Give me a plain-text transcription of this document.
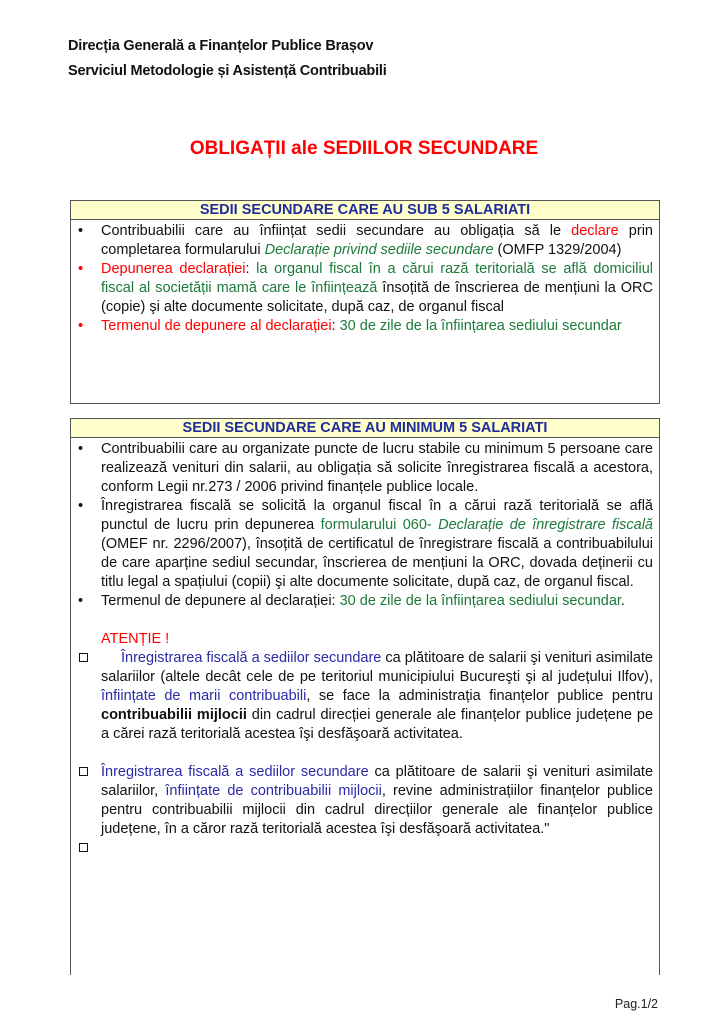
Direcția Generală a Finanțelor Publice Brașov
Serviciul Metodologie și Asistență Contribuabili
OBLIGAȚII ale SEDIILOR SECUNDARE
SEDII SECUNDARE CARE AU SUB 5 SALARIATI
• Contribuabilii care au înființat sedii secundare au obligația să le declare prin completarea formularului Declarație privind sediile secundare (OMFP 1329/2004)
• Depunerea declarației: la organul fiscal în a cărui rază teritorială se află domiciliul fiscal al societății mamă care le înființează însoțită de înscrierea de mențiuni la ORC (copie) şi alte documente solicitate, după caz, de organul fiscal
• Termenul de depunere al declarației: 30 de zile de la înființarea sediului secundar
SEDII SECUNDARE CARE AU MINIMUM 5 SALARIATI
• Contribuabilii care au organizate puncte de lucru stabile cu minimum 5 persoane care realizează venituri din salarii, au obligația să solicite înregistrarea fiscală a acestora, conform Legii nr.273 / 2006 privind finanțele publice locale.
• Înregistrarea fiscală se solicită la organul fiscal în a cărui rază teritorială se află punctul de lucru prin depunerea formularului 060- Declarație de înregistrare fiscală (OMEF nr. 2296/2007), însoțită de certificatul de înregistrare fiscală a contribuabilului de care aparține sediul secundar, înscrierea de mențiuni la ORC, dovada deținerii cu titlu legal a spațiului (copii) şi alte documente solicitate, după caz, de organul fiscal.
• Termenul de depunere al declarației: 30 de zile de la înființarea sediului secundar.
ATENȚIE !
Înregistrarea fiscală a sediilor secundare ca plătitoare de salarii şi venituri asimilate salariilor (altele decât cele de pe teritoriul municipiului Bucureşti şi al județului Ilfov), înființate de marii contribuabili, se face la administrația finanțelor publice pentru contribuabilii mijlocii din cadrul direcției generale ale finanțelor publice județene pe a cărei rază teritorială acestea îşi desfăşoară activitatea.
Înregistrarea fiscală a sediilor secundare ca plătitoare de salarii şi venituri asimilate salariilor, înființate de contribuabilii mijlocii, revine administrațiilor finanțelor publice pentru contribuabilii mijlocii din cadrul direcțiilor generale ale finanțelor publice județene, în a căror rază teritorială acestea îşi desfăşoară activitatea."
Pag.1/2
